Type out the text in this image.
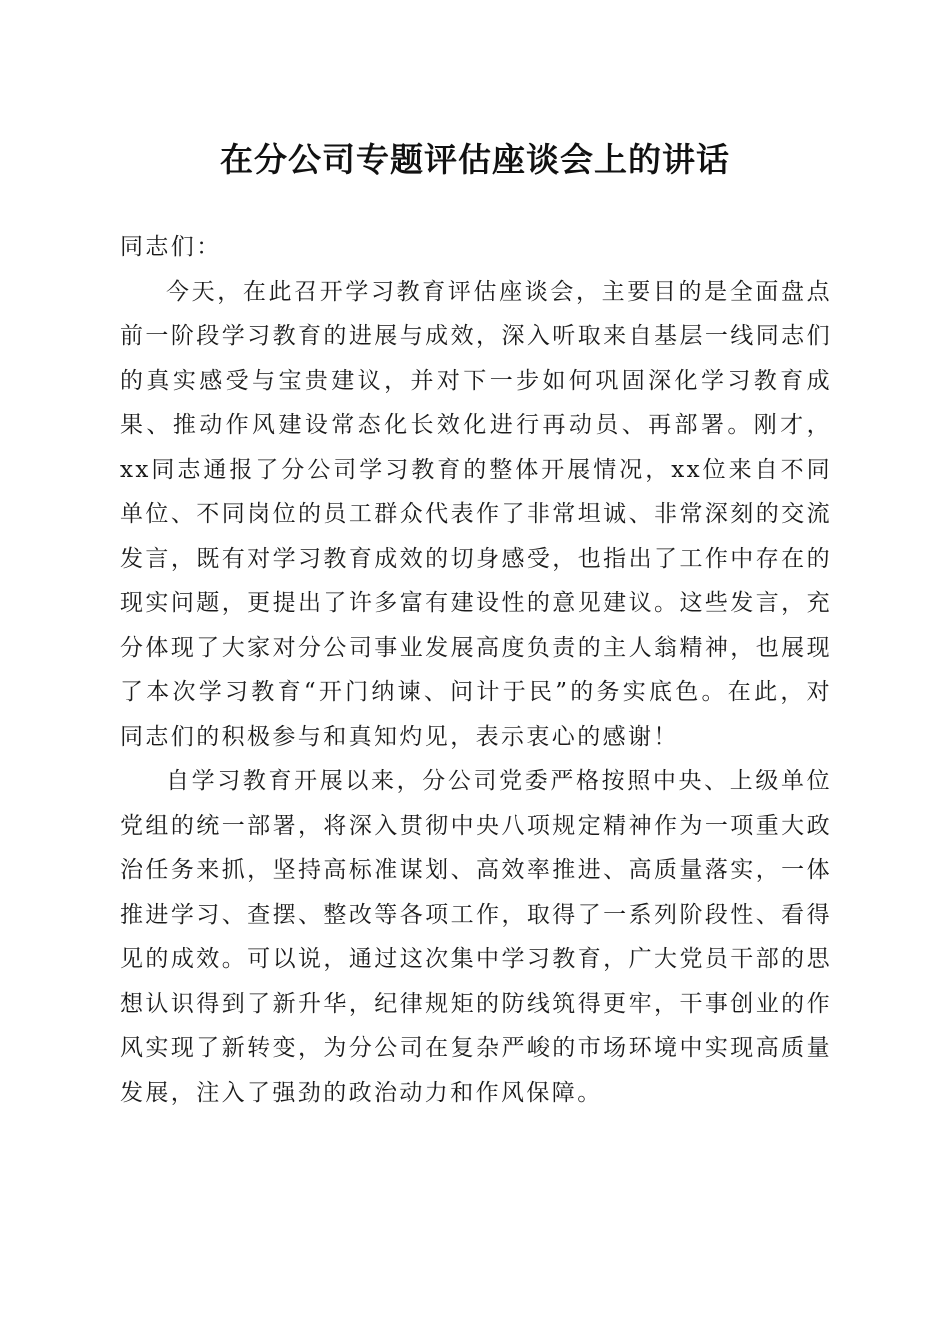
在分公司专题评估座谈会上的讲话

同志们：

今天，在此召开学习教育评估座谈会，主要目的是全面盘点前一阶段学习教育的进展与成效，深入听取来自基层一线同志们的真实感受与宝贵建议，并对下一步如何巩固深化学习教育成果、推动作风建设常态化长效化进行再动员、再部署。刚才，xx同志通报了分公司学习教育的整体开展情况，xx位来自不同单位、不同岗位的员工群众代表作了非常坦诚、非常深刻的交流发言，既有对学习教育成效的切身感受，也指出了工作中存在的现实问题，更提出了许多富有建设性的意见建议。这些发言，充分体现了大家对分公司事业发展高度负责的主人翁精神，也展现了本次学习教育“开门纳谏、问计于民”的务实底色。在此，对同志们的积极参与和真知灼见，表示衷心的感谢！

自学习教育开展以来，分公司党委严格按照中央、上级单位党组的统一部署，将深入贯彻中央八项规定精神作为一项重大政治任务来抓，坚持高标准谋划、高效率推进、高质量落实，一体推进学习、查摆、整改等各项工作，取得了一系列阶段性、看得见的成效。可以说，通过这次集中学习教育，广大党员干部的思想认识得到了新升华，纪律规矩的防线筑得更牢，干事创业的作风实现了新转变，为分公司在复杂严峻的市场环境中实现高质量发展，注入了强劲的政治动力和作风保障。
